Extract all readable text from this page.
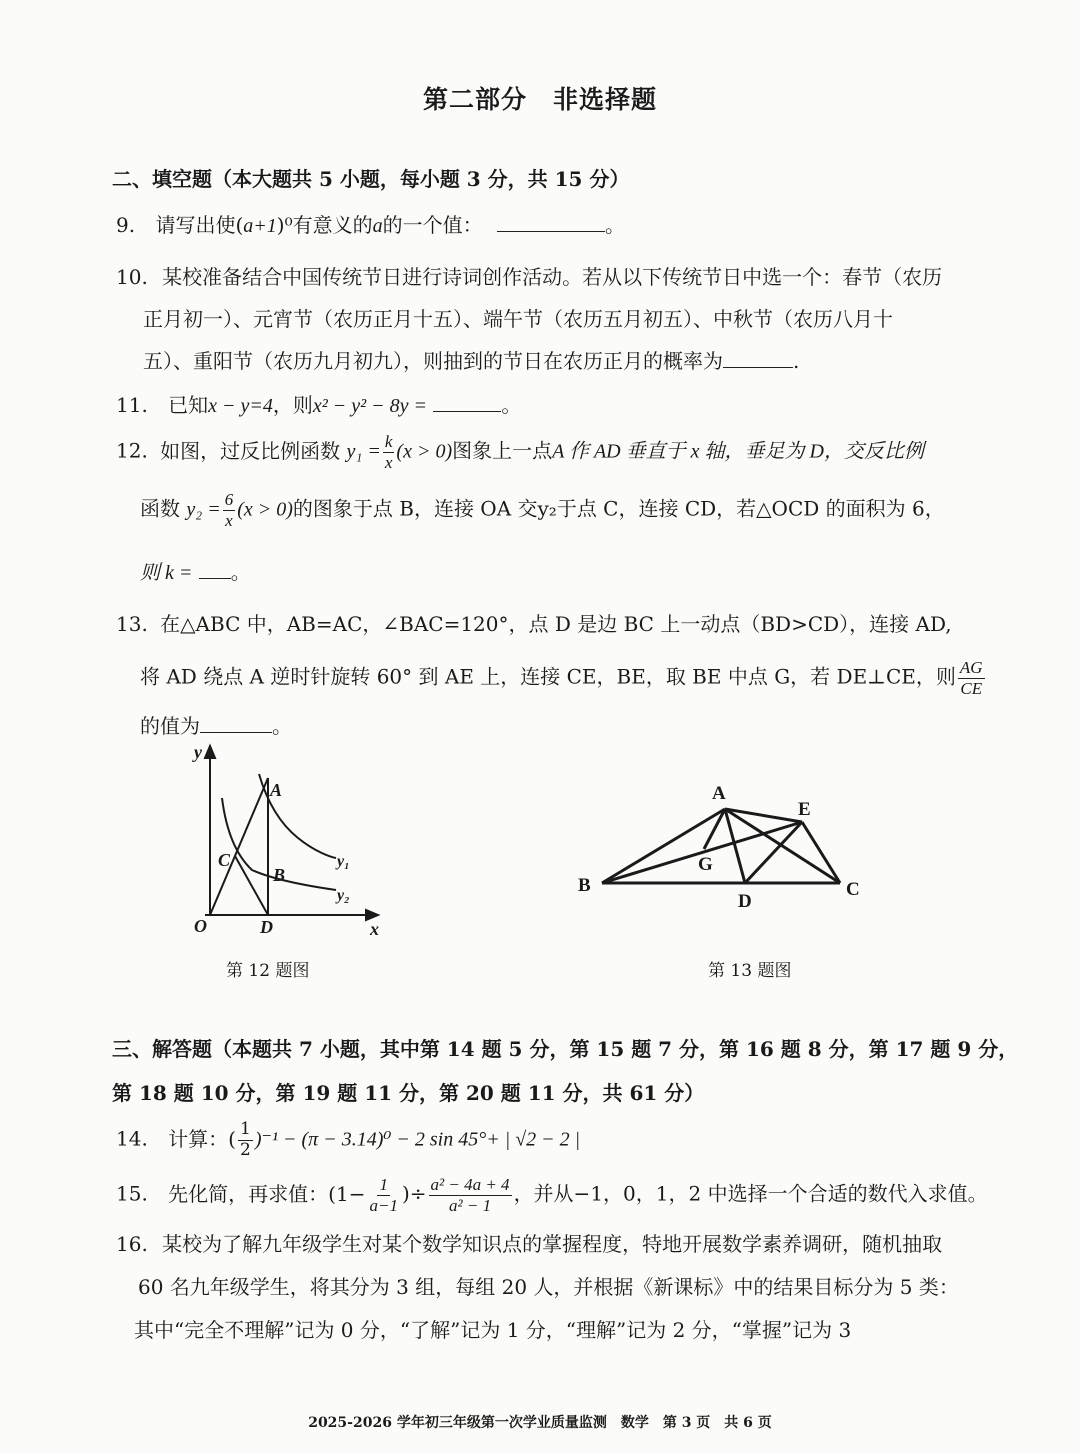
第二部分　非选择题
二、填空题（本大题共 5 小题，每小题 3 分，共 15 分）
9. 请写出使(a+1)⁰有意义的a的一个值：	。
10. 某校准备结合中国传统节日进行诗词创作活动。若从以下传统节日中选一个：春节（农历
正月初一）、元宵节（农历正月十五）、端午节（农历五月初五）、中秋节（农历八月十
五）、重阳节（农历九月初九），则抽到的节日在农历正月的概率为	.
11. 已知x − y=4，则x² − y² − 8y =	。
12. 如图，过反比例函数 $y_1 = \frac{k}{x} (x > 0)$图象上一点A 作 AD 垂直于 x 轴，垂足为 D，交反比例
函数 $y_2 = \frac{6}{x} (x > 0)$的图象于点 B，连接 OA 交y₂于点 C，连接 CD，若△OCD 的面积为 6，
则 k = 。
13. 在△ABC 中，AB=AC，∠BAC=120°，点 D 是边 BC 上一动点（BD>CD），连接 AD,
将 AD 绕点 A 逆时针旋转 60° 到 AE 上，连接 CE，BE，取 BE 中点 G，若 DE⊥CE，则 $\frac{AG}{CE}$
的值为	。
y
x
O
A
C
B
D
y₁
y₂
第 12 题图
A
B	C
D
E
G
第 13 题图
三、解答题（本题共 7 小题，其中第 14 题 5 分，第 15 题 7 分，第 16 题 8 分，第 17 题 9 分，
第 18 题 10 分，第 19 题 11 分，第 20 题 11 分，共 61 分）
14. 计算：( $\frac{1}{2} )^{-1} - (\pi - 3.14)^0 - 2$ sin 45°+ | √2 − 2 |
15. 先化简，再求值：($1- \frac{1}{a-1}$ )÷ $\frac{\text{a² − 4a + 4}}{\text{a² − 1}}$ ，并从−1，0，1，2 中选择一个合适的数代入求值。
16. 某校为了解九年级学生对某个数学知识点的掌握程度，特地开展数学素养调研，随机抽取
60 名九年级学生，将其分为 3 组，每组 20 人，并根据《新课标》中的结果目标分为 5 类：
其中“完全不理解”记为 0 分，“了解”记为 1 分，“理解”记为 2 分，“掌握”记为 3
2025-2026 学年初三年级第一次学业质量监测　数学　第 3 页　共 6 页
